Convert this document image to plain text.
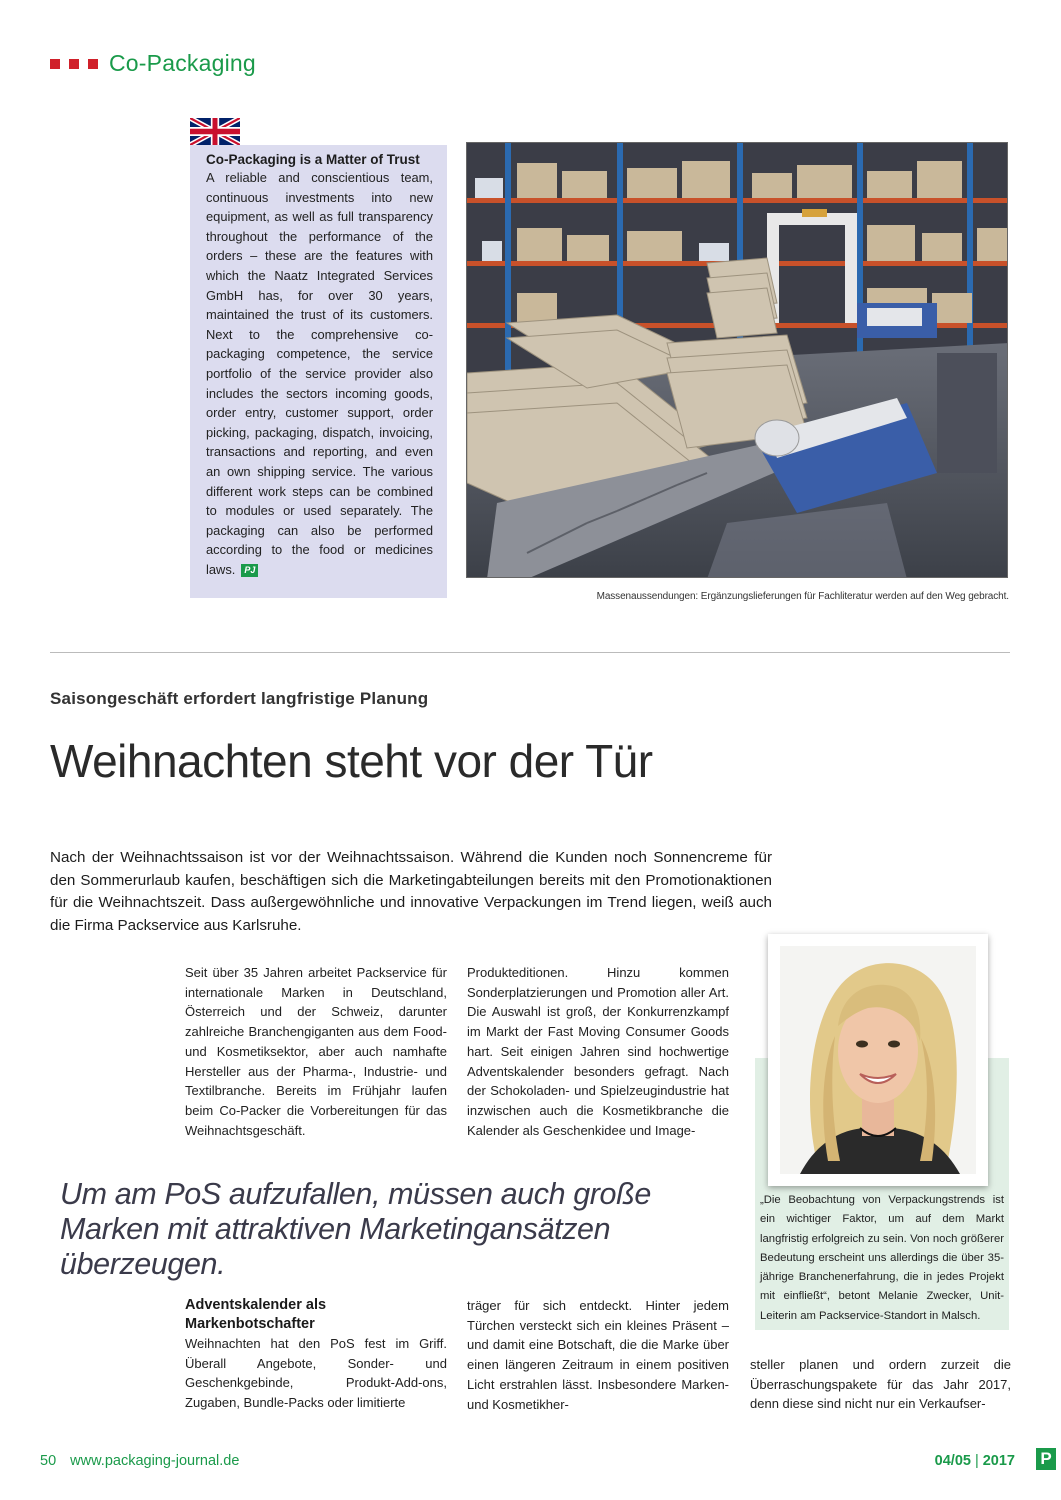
Co-Packaging
Co-Packaging is a Matter of Trust

A reliable and conscientious team, continuous investments into new equipment, as well as full transparency throughout the performance of the orders – these are the features with which the Naatz Integrated Services GmbH has, for over 30 years, maintained the trust of its customers. Next to the comprehensive co-packaging competence, the service portfolio of the service provider also includes the sectors incoming goods, order entry, customer support, order picking, packaging, dispatch, invoicing, transactions and reporting, and even an own shipping service. The various different work steps can be combined to modules or used separately. The packaging can also be performed according to the food or medicines laws. PJ

Massenaussendungen: Ergänzungslieferungen für Fachliteratur werden auf den Weg gebracht.
Saisongeschäft erfordert langfristige Planung
Weihnachten steht vor der Tür

Nach der Weihnachtssaison ist vor der Weihnachtssaison. Während die Kunden noch Sonnencreme für den Sommerurlaub kaufen, beschäftigen sich die Marketingabteilungen bereits mit den Promotionaktionen für die Weihnachtszeit. Dass außergewöhnliche und innovative Verpackungen im Trend liegen, weiß auch die Firma Packservice aus Karlsruhe.

Seit über 35 Jahren arbeitet Packservice für internationale Marken in Deutschland, Österreich und der Schweiz, darunter zahlreiche Branchengiganten aus dem Food- und Kosmetiksektor, aber auch namhafte Hersteller aus der Pharma-, Industrie- und Textilbranche. Bereits im Frühjahr laufen beim Co-Packer die Vorbereitungen für das Weihnachtsgeschäft.

Produkteditionen. Hinzu kommen Sonderplatzierungen und Promotion aller Art. Die Auswahl ist groß, der Konkurrenzkampf im Markt der Fast Moving Consumer Goods hart. Seit einigen Jahren sind hochwertige Adventskalender besonders gefragt. Nach der Schokoladen- und Spielzeugindustrie hat inzwischen auch die Kosmetikbranche die Kalender als Geschenkidee und Image-

„Die Beobachtung von Verpackungstrends ist ein wichtiger Faktor, um auf dem Markt langfristig erfolgreich zu sein. Von noch größerer Bedeutung erscheint uns allerdings die über 35-jährige Branchenerfahrung, die in jedes Projekt mit einfließt“, betont Melanie Zwecker, Unit-Leiterin am Packservice-Standort in Malsch.

Um am PoS aufzufallen, müssen auch große Marken mit attraktiven Marketingansätzen überzeugen.

Adventskalender als Markenbotschafter

Weihnachten hat den PoS fest im Griff. Überall Angebote, Sonder- und Geschenkgebinde, Produkt-Add-ons, Zugaben, Bundle-Packs oder limitierte

träger für sich entdeckt. Hinter jedem Türchen versteckt sich ein kleines Präsent – und damit eine Botschaft, die die Marke über einen längeren Zeitraum in einem positiven Licht erstrahlen lässt. Insbesondere Marken- und Kosmetikher-

steller planen und ordern zurzeit die Überraschungspakete für das Jahr 2017, denn diese sind nicht nur ein Verkaufser-

50 www.packaging-journal.de	04/05 | 2017 P
